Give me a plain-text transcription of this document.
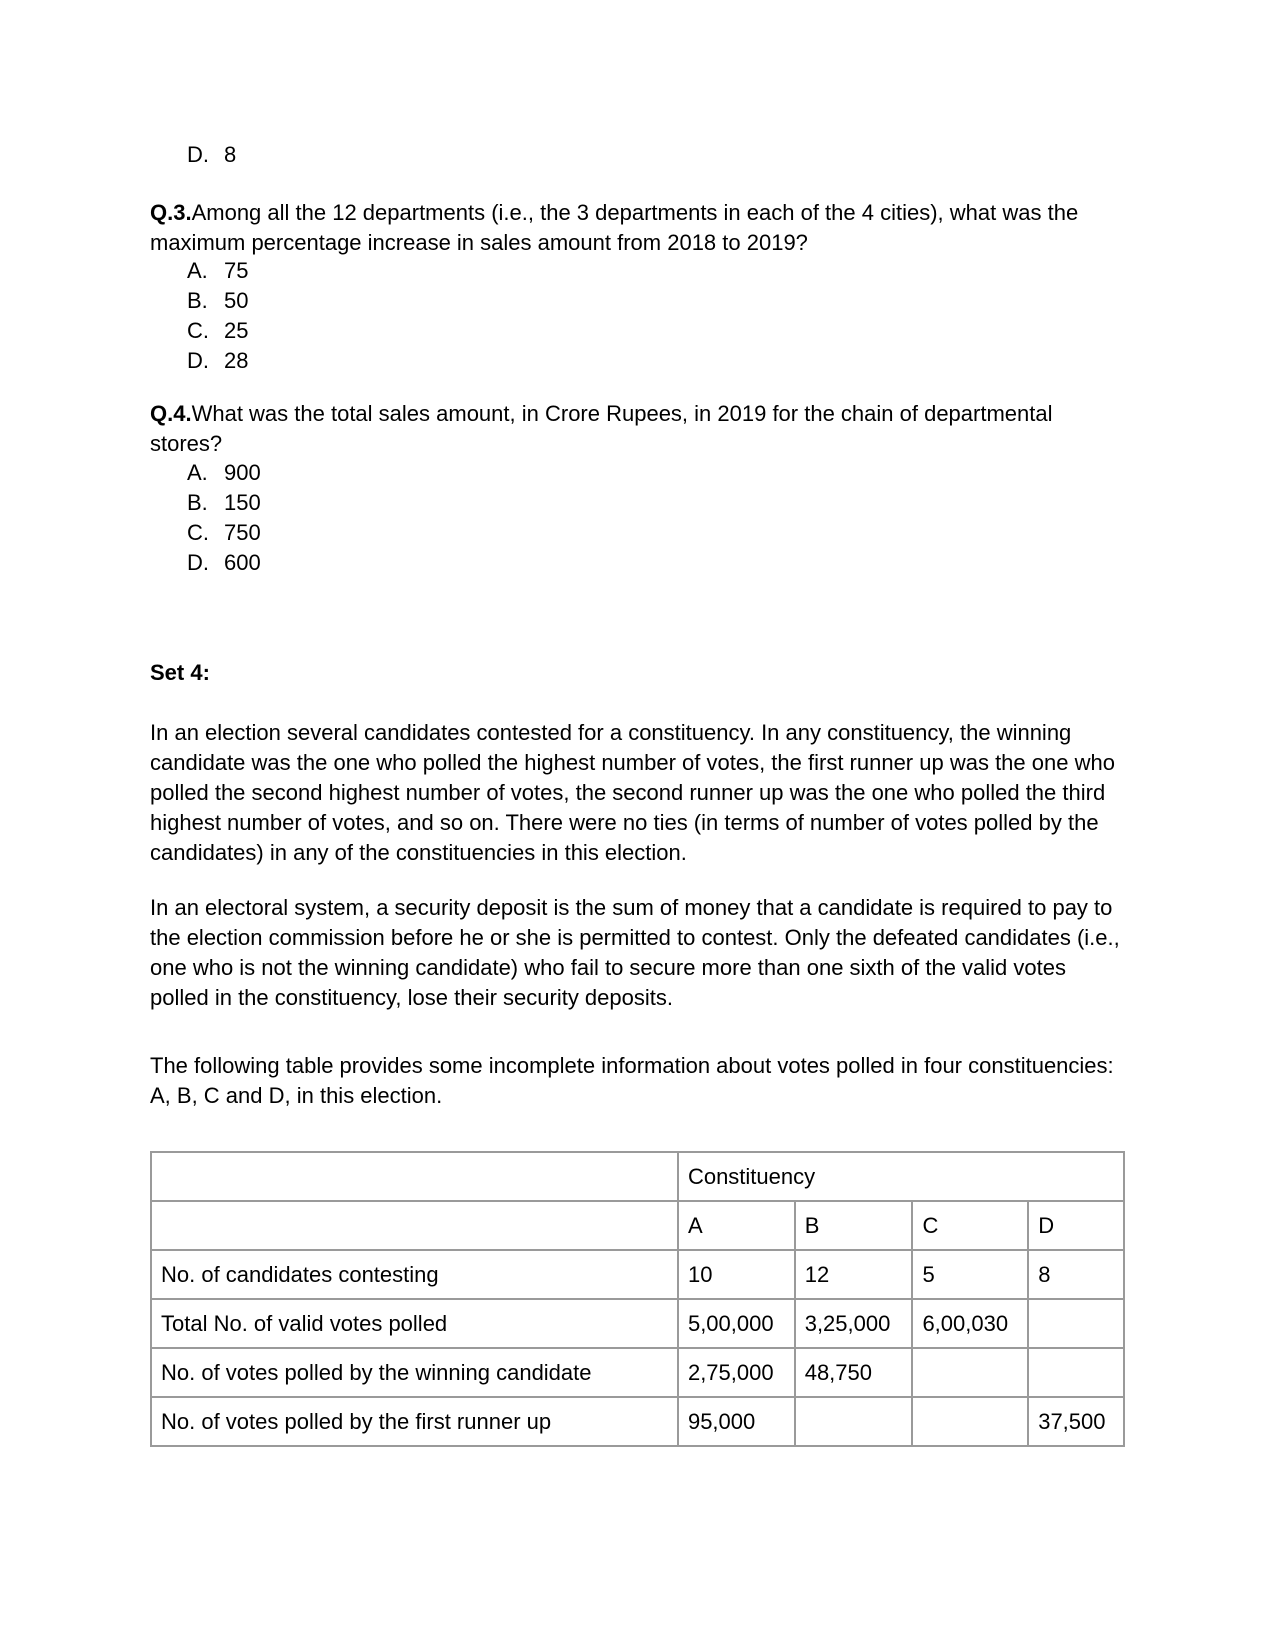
D. 8

Q.3.Among all the 12 departments (i.e., the 3 departments in each of the 4 cities), what was the maximum percentage increase in sales amount from 2018 to 2019?

A. 75
B. 50
C. 25
D. 28

Q.4.What was the total sales amount, in Crore Rupees, in 2019 for the chain of departmental stores?

A. 900
B. 150
C. 750
D. 600
Set 4:

In an election several candidates contested for a constituency. In any constituency, the winning candidate was the one who polled the highest number of votes, the first runner up was the one who polled the second highest number of votes, the second runner up was the one who polled the third highest number of votes, and so on. There were no ties (in terms of number of votes polled by the candidates) in any of the constituencies in this election.

In an electoral system, a security deposit is the sum of money that a candidate is required to pay to the election commission before he or she is permitted to contest. Only the defeated candidates (i.e., one who is not the winning candidate) who fail to secure more than one sixth of the valid votes polled in the constituency, lose their security deposits.

The following table provides some incomplete information about votes polled in four constituencies: A, B, C and D, in this election.

	Constituency			
	A	B	C	D
No. of candidates contesting	10	12	5	8
Total No. of valid votes polled	5,00,000	3,25,000	6,00,030	
No. of votes polled by the winning candidate	2,75,000	48,750		
No. of votes polled by the first runner up	95,000			37,500
